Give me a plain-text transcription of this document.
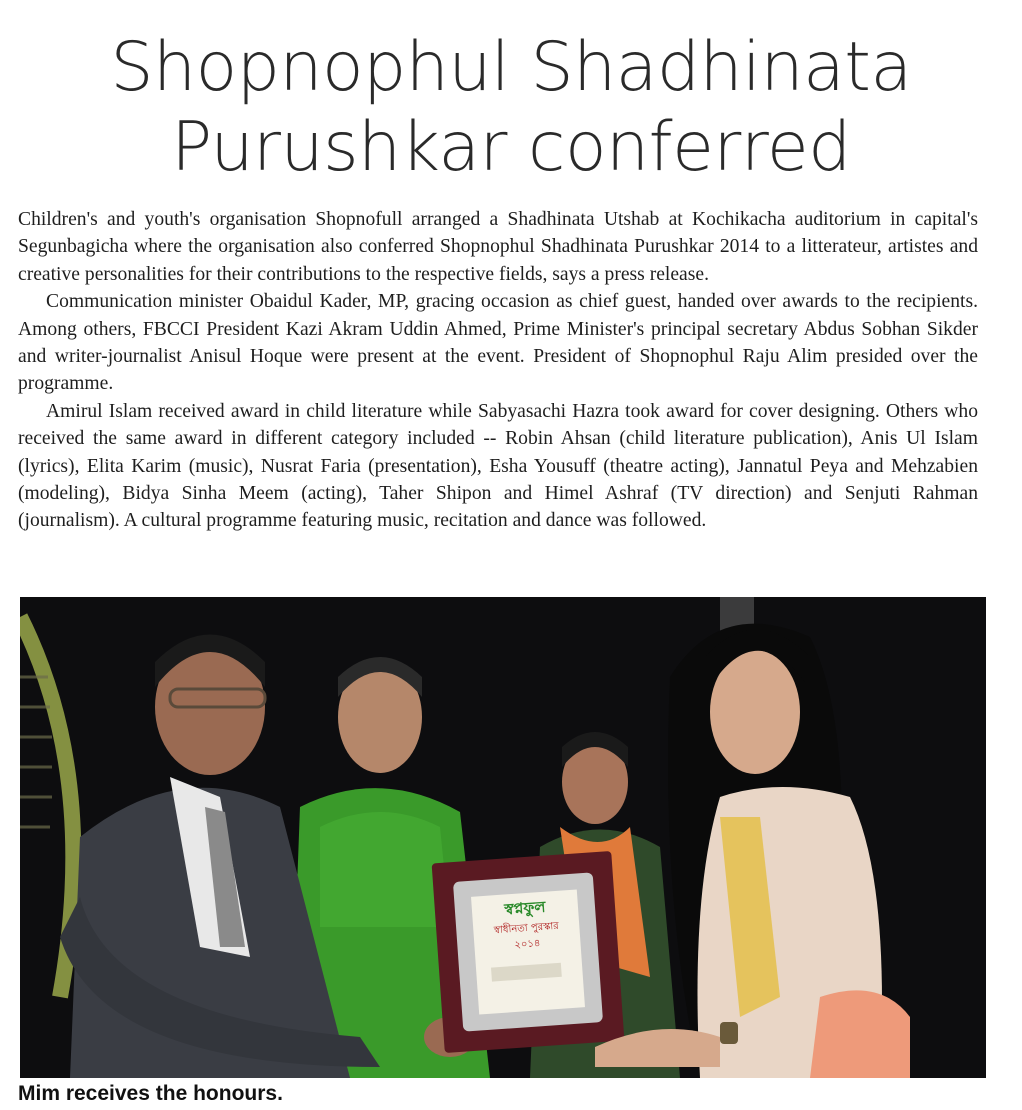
Shopnophul Shadhinata
Purushkar conferred

Children's and youth's organisation Shopnofull arranged a Shadhinata Utshab at Kochikacha auditorium in capital's Segunbagicha where the organisation also conferred Shopnophul Shadhinata Purushkar 2014 to a litterateur, artistes and creative personalities for their contributions to the respective fields, says a press release.

Communication minister Obaidul Kader, MP, gracing occasion as chief guest, handed over awards to the recipients. Among others, FBCCI President Kazi Akram Uddin Ahmed, Prime Minister's principal secretary Abdus Sobhan Sikder and writer-journalist Anisul Hoque were present at the event. President of Shopnophul Raju Alim presided over the programme.

Amirul Islam received award in child literature while Sabyasachi Hazra took award for cover designing. Others who received the same award in different category included -- Robin Ahsan (child literature publication), Anis Ul Islam (lyrics), Elita Karim (music), Nusrat Faria (presentation), Esha Yousuff (theatre acting), Jannatul Peya and Mehzabien (modeling), Bidya Sinha Meem (acting), Taher Shipon and Himel Ashraf (TV direction) and Senjuti Rahman (journalism). A cultural programme featuring music, recitation and dance was followed.

স্বপ্নফুল
স্বাধীনতা পুরস্কার
২০১৪
Mim receives the honours.
